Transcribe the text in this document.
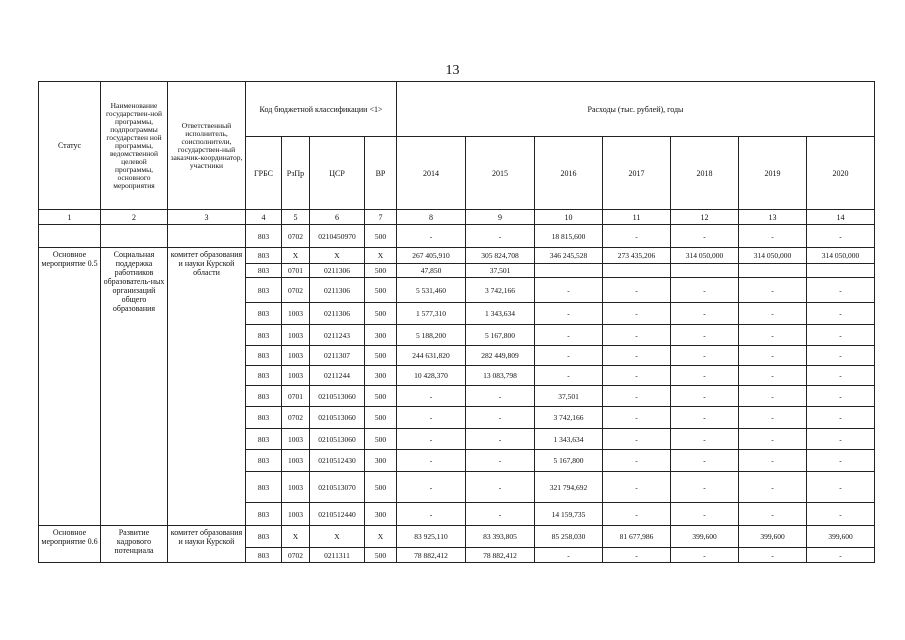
13
Статус	Наименование государствен-ной программы, подпрограммы государствен ной программы, ведомственной целевой программы, основного мероприятия	Ответственный исполнитель, соисполнители, государствен-ный заказчик-координатор, участники	Код бюджетной классификации <1>				Расходы (тыс. рублей), годы						
			ГРБС	РзПр	ЦСР	ВР	2014	2015	2016	2017	2018	2019	2020
1	2	3	4	5	6	7	8	9	10	11	12	13	14
			803	0702	0210450970	500	-	-	18 815,600	-	-	-	-
Основное мероприятие 0.5	Социальная поддержка работников образователь-ных организаций общего образования	комитет образования и науки Курской области	803	Х	Х	Х	267 405,910	305 824,708	346 245,528	273 435,206	314 050,000	314 050,000	314 050,000
			803	0701	0211306	500	47,850	37,501					
			803	0702	0211306	500	5 531,460	3 742,166	-	-	-	-	-
			803	1003	0211306	500	1 577,310	1 343,634	-	-	-	-	-
			803	1003	0211243	300	5 188,200	5 167,800	-	-	-	-	-
			803	1003	0211307	500	244 631,820	282 449,809	-	-	-	-	-
			803	1003	0211244	300	10 428,370	13 083,798	-	-	-	-	-
			803	0701	0210513060	500	-	-	37,501	-	-	-	-
			803	0702	0210513060	500	-	-	3 742,166	-	-	-	-
			803	1003	0210513060	500	-	-	1 343,634	-	-	-	-
			803	1003	0210512430	300	-	-	5 167,800	-	-	-	-
			803	1003	0210513070	500	-	-	321 794,692	-	-	-	-
			803	1003	0210512440	300	-	-	14 159,735	-	-	-	-
Основное мероприятие 0.6	Развитие кадрового потенциала	комитет образования и науки Курской	803	Х	Х	Х	83 925,110	83 393,805	85 258,030	81 677,986	399,600	399,600	399,600
			803	0702	0211311	500	78 882,412	78 882,412	-	-	-	-	-
